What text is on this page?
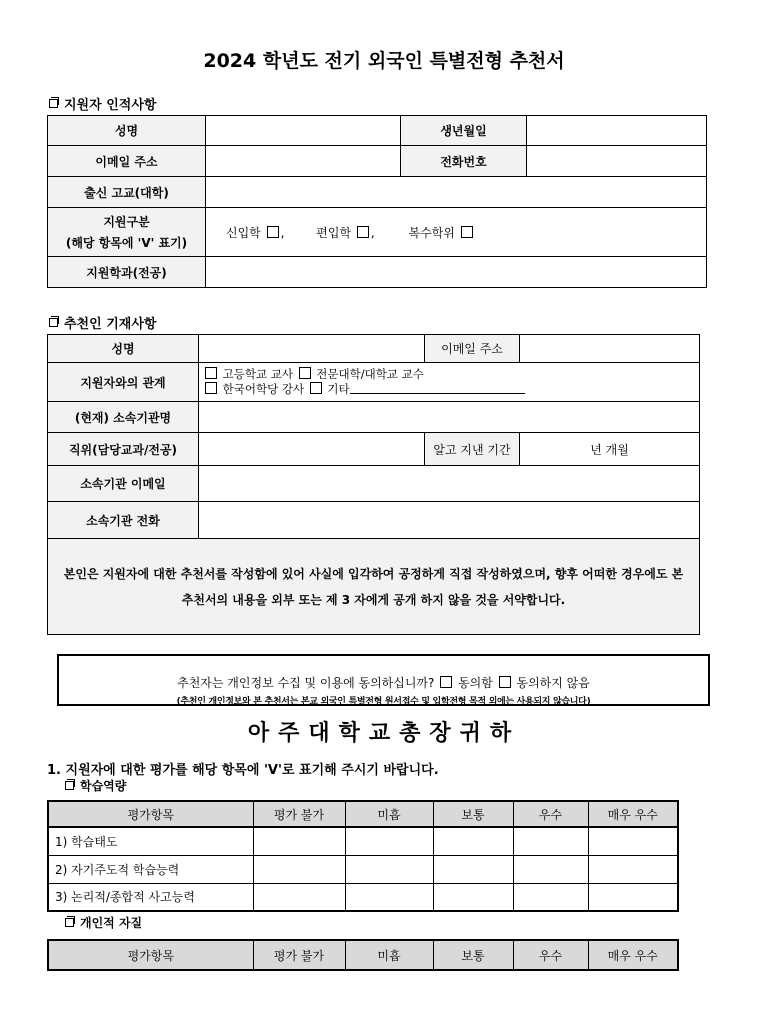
2024 학년도 전기 외국인 특별전형 추천서
지원자 인적사항
성명		생년월일	
이메일 주소		전화번호	
출신 고교(대학)			

지원구분
(해당 항목에 'V' 표기)	신입학 , 편입학 , 복수학위		
지원학과(전공)			
추천인 기재사항
성명		이메일 주소	
지원자와의 관계	고등학교 교사 전문대학/대학교 교수
한국어학당 강사 기타		

(현재) 소속기관명			
직위(담당교과/전공)		알고 지낸 기간	년 개월
소속기관 이메일			
소속기관 전화			

본인은 지원자에 대한 추천서를 작성함에 있어 사실에 입각하여 공정하게 직접 작성하였으며, 향후 어떠한 경우에도 본
추천서의 내용을 외부 또는 제 3 자에게 공개 하지 않을 것을 서약합니다.			
추천자는 개인정보 수집 및 이용에 동의하십니까? 동의함 동의하지 않음
(추천인 개인정보와 본 추천서는 본교 외국인 특별전형 원서접수 및 입학전형 목적 외에는 사용되지 않습니다)
아주대학교총장귀하
1. 지원자에 대한 평가를 해당 항목에 'V'로 표기해 주시기 바랍니다.
학습역량
평가항목	평가 불가	미흡	보통	우수	매우 우수
1) 학습태도					
2) 자기주도적 학습능력					
3) 논리적/종합적 사고능력					
개인적 자질
평가항목	평가 불가	미흡	보통	우수	매우 우수
